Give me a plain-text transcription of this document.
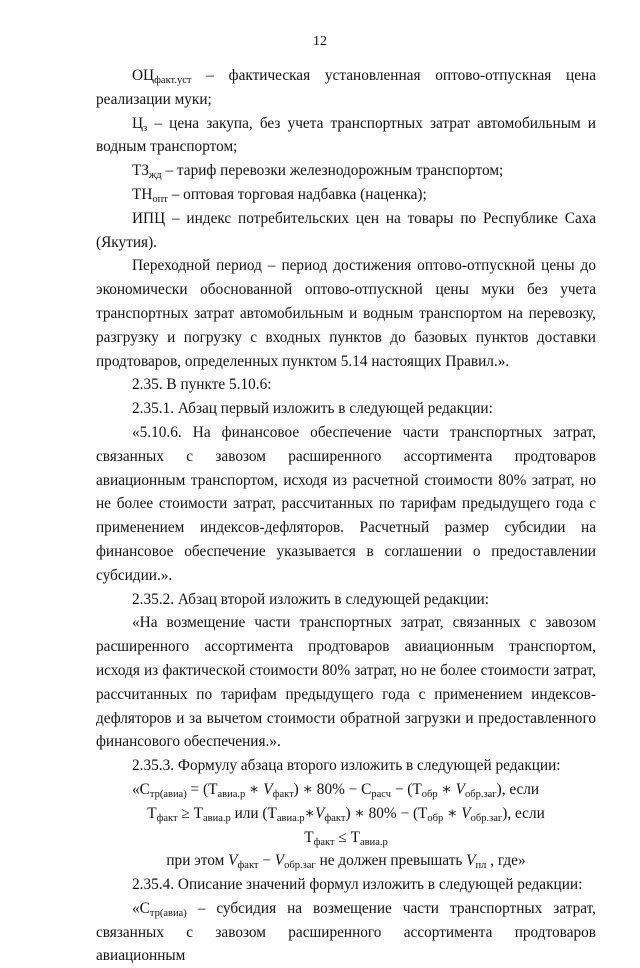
12

$ОЦ_{факт.уст}$ – фактическая установленная оптово-отпускная цена реализации муки;

$Ц_з$ – цена закупа, без учета транспортных затрат автомобильным и водным транспортом;

$ТЗ_{жд}$ – тариф перевозки железнодорожным транспортом;

$ТН_{опт}$ – оптовая торговая надбавка (наценка);

ИПЦ – индекс потребительских цен на товары по Республике Саха (Якутия).

Переходной период – период достижения оптово-отпускной цены до экономически обоснованной оптово-отпускной цены муки без учета транспортных затрат автомобильным и водным транспортом на перевозку, разгрузку и погрузку с входных пунктов до базовых пунктов доставки продтоваров, определенных пунктом 5.14 настоящих Правил.».

2.35. В пункте 5.10.6:

2.35.1. Абзац первый изложить в следующей редакции:

«5.10.6. На финансовое обеспечение части транспортных затрат, связанных с завозом расширенного ассортимента продтоваров авиационным транспортом, исходя из расчетной стоимости 80% затрат, но не более стоимости затрат, рассчитанных по тарифам предыдущего года с применением индексов-дефляторов. Расчетный размер субсидии на финансовое обеспечение указывается в соглашении о предоставлении субсидии.».

2.35.2. Абзац второй изложить в следующей редакции:

«На возмещение части транспортных затрат, связанных с завозом расширенного ассортимента продтоваров авиационным транспортом, исходя из фактической стоимости 80% затрат, но не более стоимости затрат, рассчитанных по тарифам предыдущего года с применением индексов-дефляторов и за вычетом стоимости обратной загрузки и предоставленного финансового обеспечения.».

2.35.3. Формулу абзаца второго изложить в следующей редакции:

«$С_{тр(авиа)} = (Т_{авиа.р}$ ∗ $V_{факт}$) ∗ $80\% - С_{расч} - (Т_{обр}$ ∗ $V_{обр.заг}$), если
$Т_{факт} \ge Т_{авиа.р}$ или $(Т_{авиа.р}∗V_{факт})$ ∗ $80\% - (Т_{обр}$ ∗ $V_{обр.заг}$), если
$Т_{факт} \le Т_{авиа.р}$
при этом $V_{факт} - V_{обр.заг}$ не должен превышать $V_{пл}$ , где»

2.35.4. Описание значений формул изложить в следующей редакции:

«$С_{тр(авиа)}$ – субсидия на возмещение части транспортных затрат, связанных с завозом расширенного ассортимента продтоваров авиационным
